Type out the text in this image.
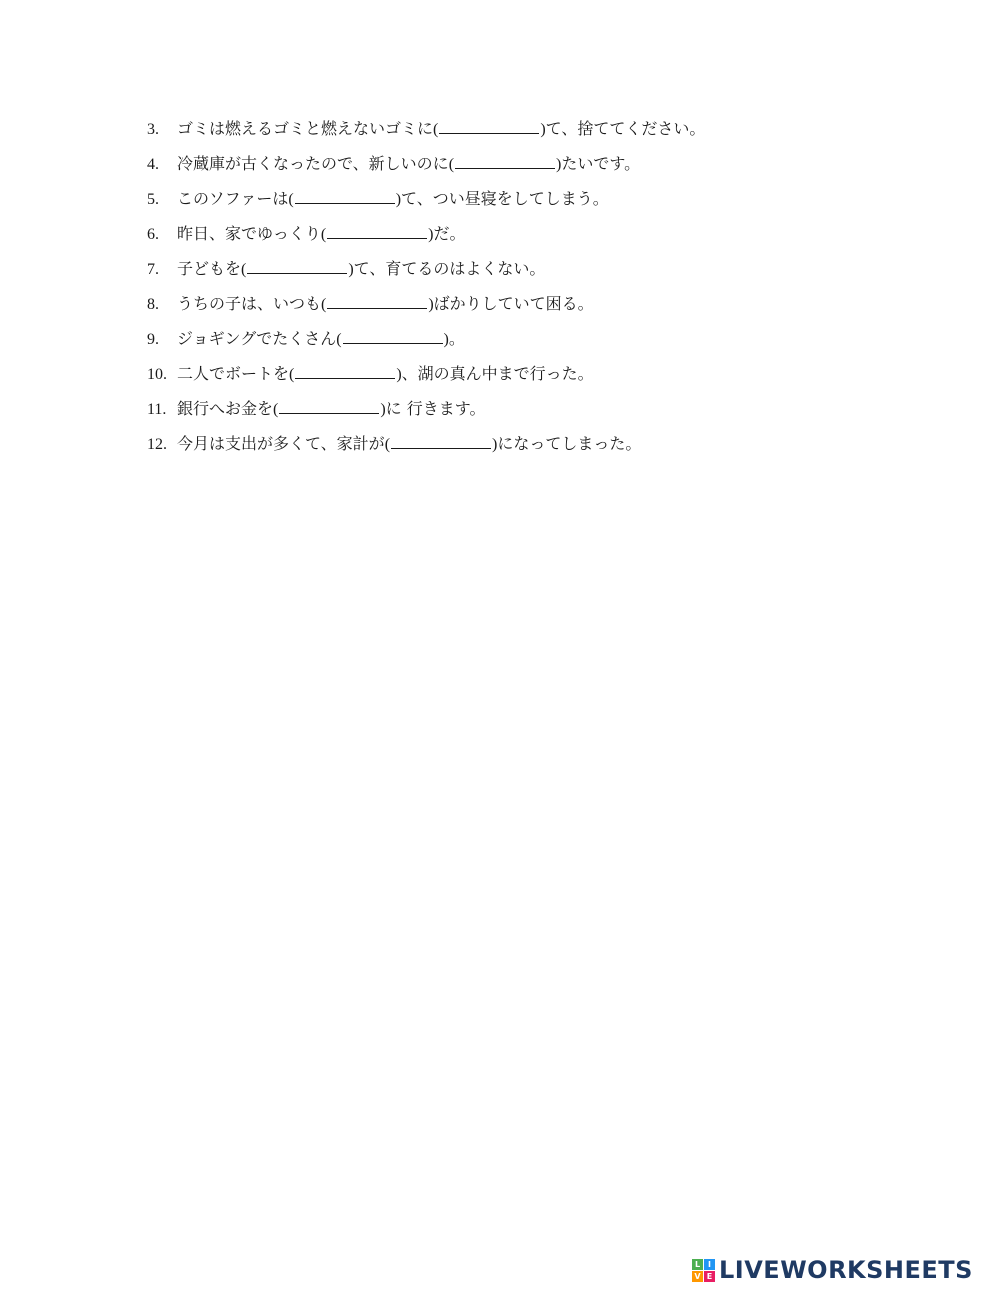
3.	ゴミは燃えるゴミと燃えないゴミに (	) て、捨ててください。
4.	冷蔵庫が古くなったので、新しいのに (	) たいです。
5.	このソファーは (	) て、つい昼寝をしてしまう。
6.	昨日、家でゆっくり (	) だ。
7.	子どもを (	) て、育てるのはよくない。
8.	うちの子は、いつも (	) ばかりしていて困る。
9.	ジョギングでたくさん (	) 。
10. 二人でボートを (	) 、湖の真ん中まで行った。
11. 銀行へお金を (	) に 行きます。
12. 今月は支出が多くて、家計が (	) になってしまった。
L I
V E LIVEWORKSHEETS
